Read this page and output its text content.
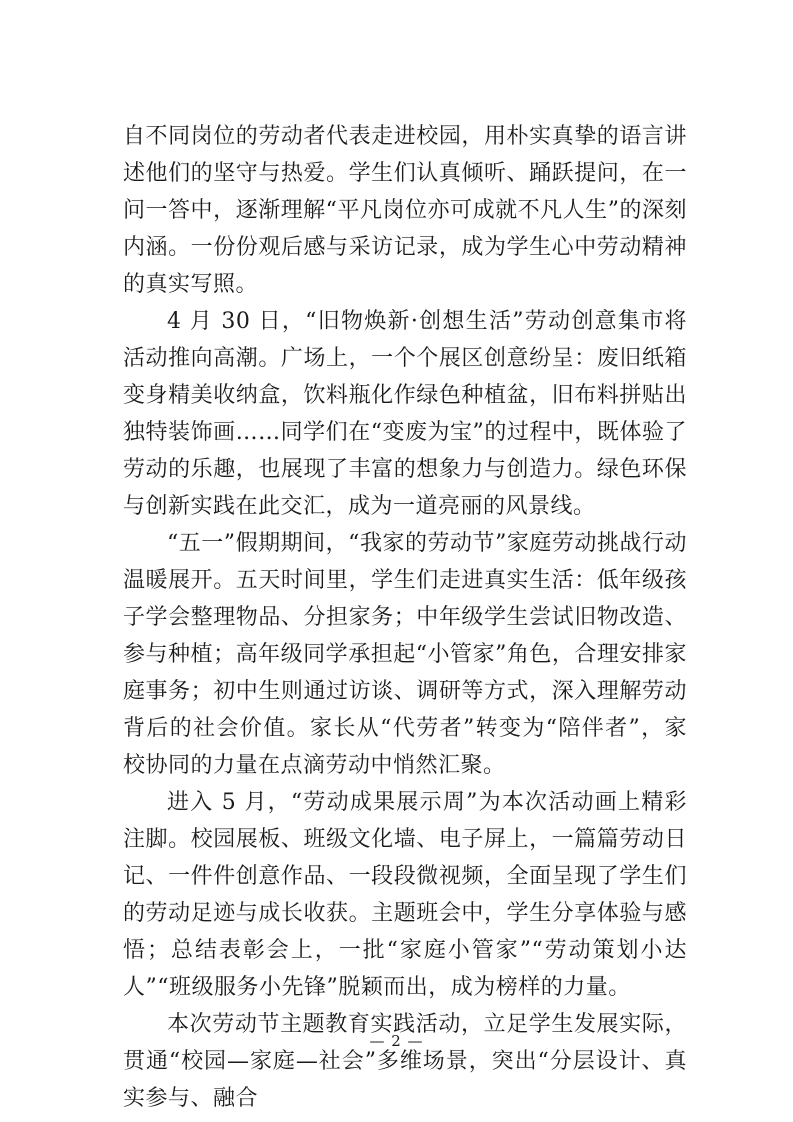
自不同岗位的劳动者代表走进校园，用朴实真挚的语言讲述他们的坚守与热爱。学生们认真倾听、踊跃提问，在一问一答中，逐渐理解“平凡岗位亦可成就不凡人生”的深刻内涵。一份份观后感与采访记录，成为学生心中劳动精神的真实写照。

4 月 30 日，“旧物焕新·创想生活”劳动创意集市将活动推向高潮。广场上，一个个展区创意纷呈：废旧纸箱变身精美收纳盒，饮料瓶化作绿色种植盆，旧布料拼贴出独特装饰画……同学们在“变废为宝”的过程中，既体验了劳动的乐趣，也展现了丰富的想象力与创造力。绿色环保与创新实践在此交汇，成为一道亮丽的风景线。

“五一”假期期间，“我家的劳动节”家庭劳动挑战行动温暖展开。五天时间里，学生们走进真实生活：低年级孩子学会整理物品、分担家务；中年级学生尝试旧物改造、参与种植；高年级同学承担起“小管家”角色，合理安排家庭事务；初中生则通过访谈、调研等方式，深入理解劳动背后的社会价值。家长从“代劳者”转变为“陪伴者”，家校协同的力量在点滴劳动中悄然汇聚。

进入 5 月，“劳动成果展示周”为本次活动画上精彩注脚。校园展板、班级文化墙、电子屏上，一篇篇劳动日记、一件件创意作品、一段段微视频，全面呈现了学生们的劳动足迹与成长收获。主题班会中，学生分享体验与感悟；总结表彰会上，一批“家庭小管家”“劳动策划小达人”“班级服务小先锋”脱颖而出，成为榜样的力量。

本次劳动节主题教育实践活动，立足学生发展实际，贯通“校园—家庭—社会”多维场景，突出“分层设计、真实参与、融合

— 2 —
